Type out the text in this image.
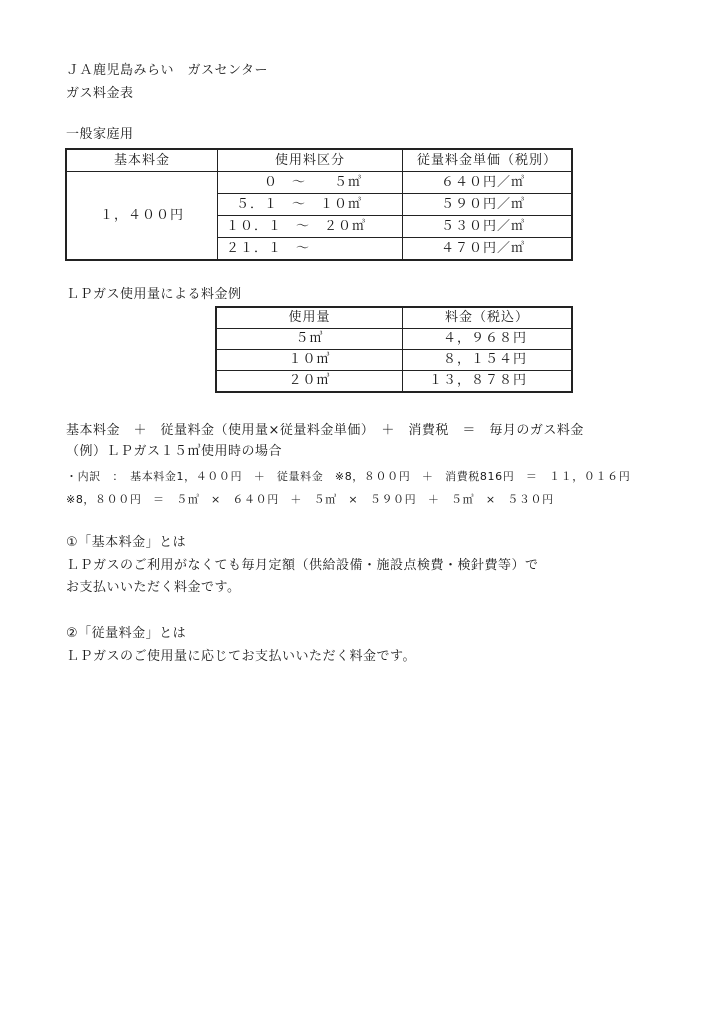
ＪＡ鹿児島みらい　ガスセンター
ガス料金表
一般家庭用
基本料金	使用料区分	従量料金単価（税別）
１，４００円	０　～　　５㎥	６４０円／㎥
	５．１　～　１０㎥	５９０円／㎥
	１０．１　～　２０㎥	５３０円／㎥
	２１．１　～	４７０円／㎥
ＬＰガス使用量による料金例
使用量	料金（税込）
５㎥	４，９６８円
１０㎥	８，１５４円
２０㎥	１３，８７８円
基本料金　＋　従量料金（使用量×従量料金単価）　＋　消費税　＝　毎月のガス料金
（例）ＬＰガス１５㎥使用時の場合
・内訳　：　基本料金1，４００円　＋　従量料金　※8，８００円　＋　消費税816円　＝　１１，０１６円
※8，８００円　＝　５㎥　×　６４０円　＋　５㎥　×　５９０円　＋　５㎥　×　５３０円
①「基本料金」とは
ＬＰガスのご利用がなくても毎月定額（供給設備・施設点検費・検針費等）で
お支払いいただく料金です。
②「従量料金」とは
ＬＰガスのご使用量に応じてお支払いいただく料金です。
